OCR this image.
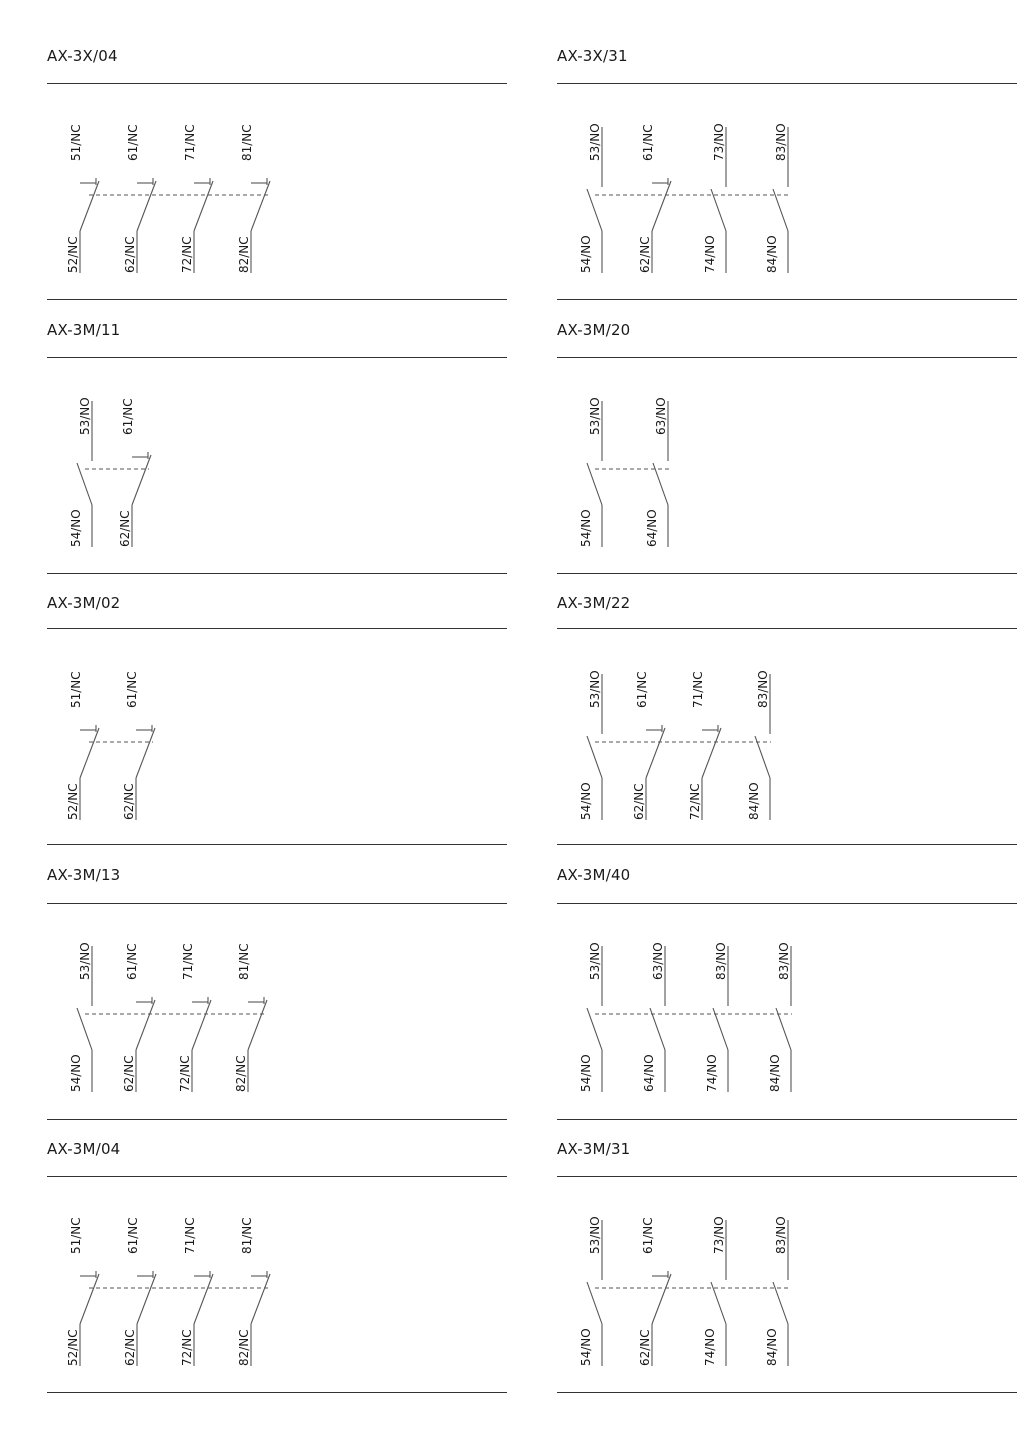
AX-3X/04
51/NC
52/NC
61/NC
62/NC
71/NC
72/NC
81/NC
82/NC
AX-3X/31
53/NO
54/NO
61/NC
62/NC
73/NO
74/NO
83/NO
84/NO
AX-3M/11
53/NO
54/NO
61/NC
62/NC
AX-3M/20
53/NO
54/NO
63/NO
64/NO
AX-3M/02
51/NC
52/NC
61/NC
62/NC
AX-3M/22
53/NO
54/NO
61/NC
62/NC
71/NC
72/NC
83/NO
84/NO
AX-3M/13
53/NO
54/NO
61/NC
62/NC
71/NC
72/NC
81/NC
82/NC
AX-3M/40
53/NO
54/NO
63/NO
64/NO
83/NO
74/NO
83/NO
84/NO
AX-3M/04
51/NC
52/NC
61/NC
62/NC
71/NC
72/NC
81/NC
82/NC
AX-3M/31
53/NO
54/NO
61/NC
62/NC
73/NO
74/NO
83/NO
84/NO
